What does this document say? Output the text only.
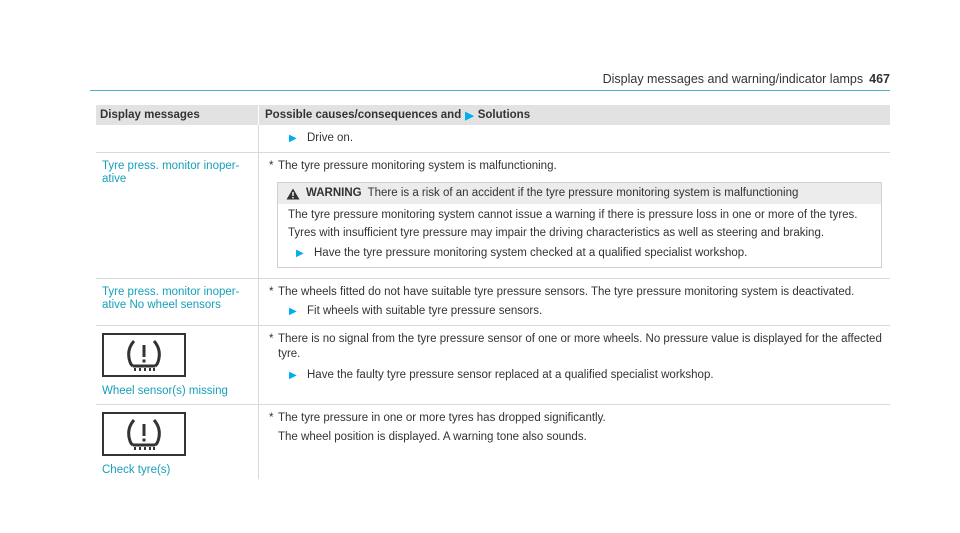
Display messages and warning/indicator lamps 467
Display messages	Possible causes/consequences and ▶ Solutions
▶ Drive on.
Tyre press. monitor inoper-
ative
* The tyre pressure monitoring system is malfunctioning.
WARNING There is a risk of an accident if the tyre pressure monitoring system is malfunctioning
The tyre pressure monitoring system cannot issue a warning if there is pressure loss in one or more of the tyres.
Tyres with insufficient tyre pressure may impair the driving characteristics as well as steering and braking.
▶ Have the tyre pressure monitoring system checked at a qualified specialist workshop.
Tyre press. monitor inoper-
ative No wheel sensors
* The wheels fitted do not have suitable tyre pressure sensors. The tyre pressure monitoring system is deactivated.
▶ Fit wheels with suitable tyre pressure sensors.
Wheel sensor(s) missing
* There is no signal from the tyre pressure sensor of one or more wheels. No pressure value is displayed for the affected tyre.
▶ Have the faulty tyre pressure sensor replaced at a qualified specialist workshop.
Check tyre(s)
* The tyre pressure in one or more tyres has dropped significantly.
The wheel position is displayed. A warning tone also sounds.
